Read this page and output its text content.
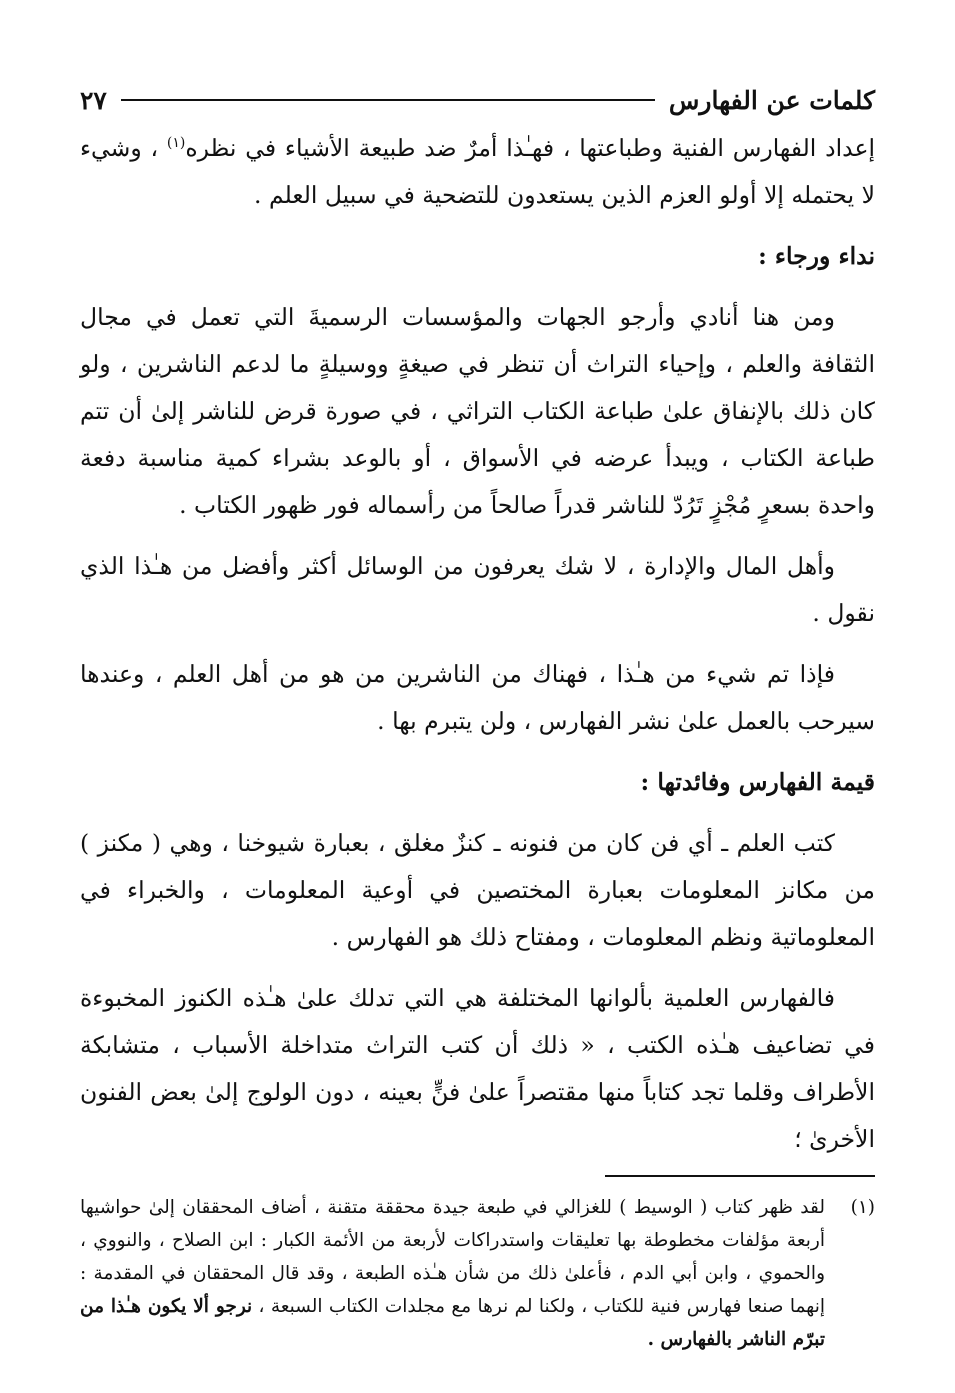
كلمات عن الفهارس
٢٧

إعداد الفهارس الفنية وطباعتها ، فهـٰذا أمرٌ ضد طبيعة الأشياء في نظره$^{(١)}$ ، وشيء لا يحتمله إلا أولو العزم الذين يستعدون للتضحية في سبيل العلم .

نداء ورجاء :

ومن هنا أنادي وأرجو الجهات والمؤسسات الرسميةَ التي تعمل في مجال الثقافة والعلم ، وإحياء التراث أن تنظر في صيغةٍ ووسيلةٍ ما لدعم الناشرين ، ولو كان ذلك بالإنفاق علىٰ طباعة الكتاب التراثي ، في صورة قرض للناشر إلىٰ أن تتم طباعة الكتاب ، ويبدأ عرضه في الأسواق ، أو بالوعد بشراء كمية مناسبة دفعة واحدة بسعرٍ مُجْزٍ تَرُدّ للناشر قدراً صالحاً من رأسماله فور ظهور الكتاب .

وأهل المال والإدارة ، لا شك يعرفون من الوسائل أكثر وأفضل من هـٰذا الذي نقول .

فإذا تم شيء من هـٰذا ، فهناك من الناشرين من هو من أهل العلم ، وعندها سيرحب بالعمل علىٰ نشر الفهارس ، ولن يتبرم بها .

قيمة الفهارس وفائدتها :

كتب العلم ـ أي فن كان من فنونه ـ كنزٌ مغلق ، بعبارة شيوخنا ، وهي ( مكنز ) من مكانز المعلومات بعبارة المختصين في أوعية المعلومات ، والخبراء في المعلوماتية ونظم المعلومات ، ومفتاح ذلك هو الفهارس .

فالفهارس العلمية بألوانها المختلفة هي التي تدلك علىٰ هـٰذه الكنوز المخبوءة في تضاعيف هـٰذه الكتب ، « ذلك أن كتب التراث متداخلة الأسباب ، متشابكة الأطراف وقلما تجد كتاباً منها مقتصراً علىٰ فنٍّ بعينه ، دون الولوج إلىٰ بعض الفنون الأخرىٰ ؛

(١)
لقد ظهر كتاب ( الوسيط ) للغزالي في طبعة جيدة محققة متقنة ، أضاف المحققان إلىٰ حواشيها أربعة مؤلفات مخطوطة بها تعليقات واستدراكات لأربعة من الأئمة الكبار : ابن الصلاح ، والنووي ، والحموي ، وابن أبي الدم ، فأعلىٰ ذلك من شأن هـٰذه الطبعة ، وقد قال المحققان في المقدمة : إنهما صنعا فهارس فنية للكتاب ، ولكنا لم نرها مع مجلدات الكتاب السبعة ، نرجو ألا يكون هـٰذا من تبرّم الناشر بالفهارس .
